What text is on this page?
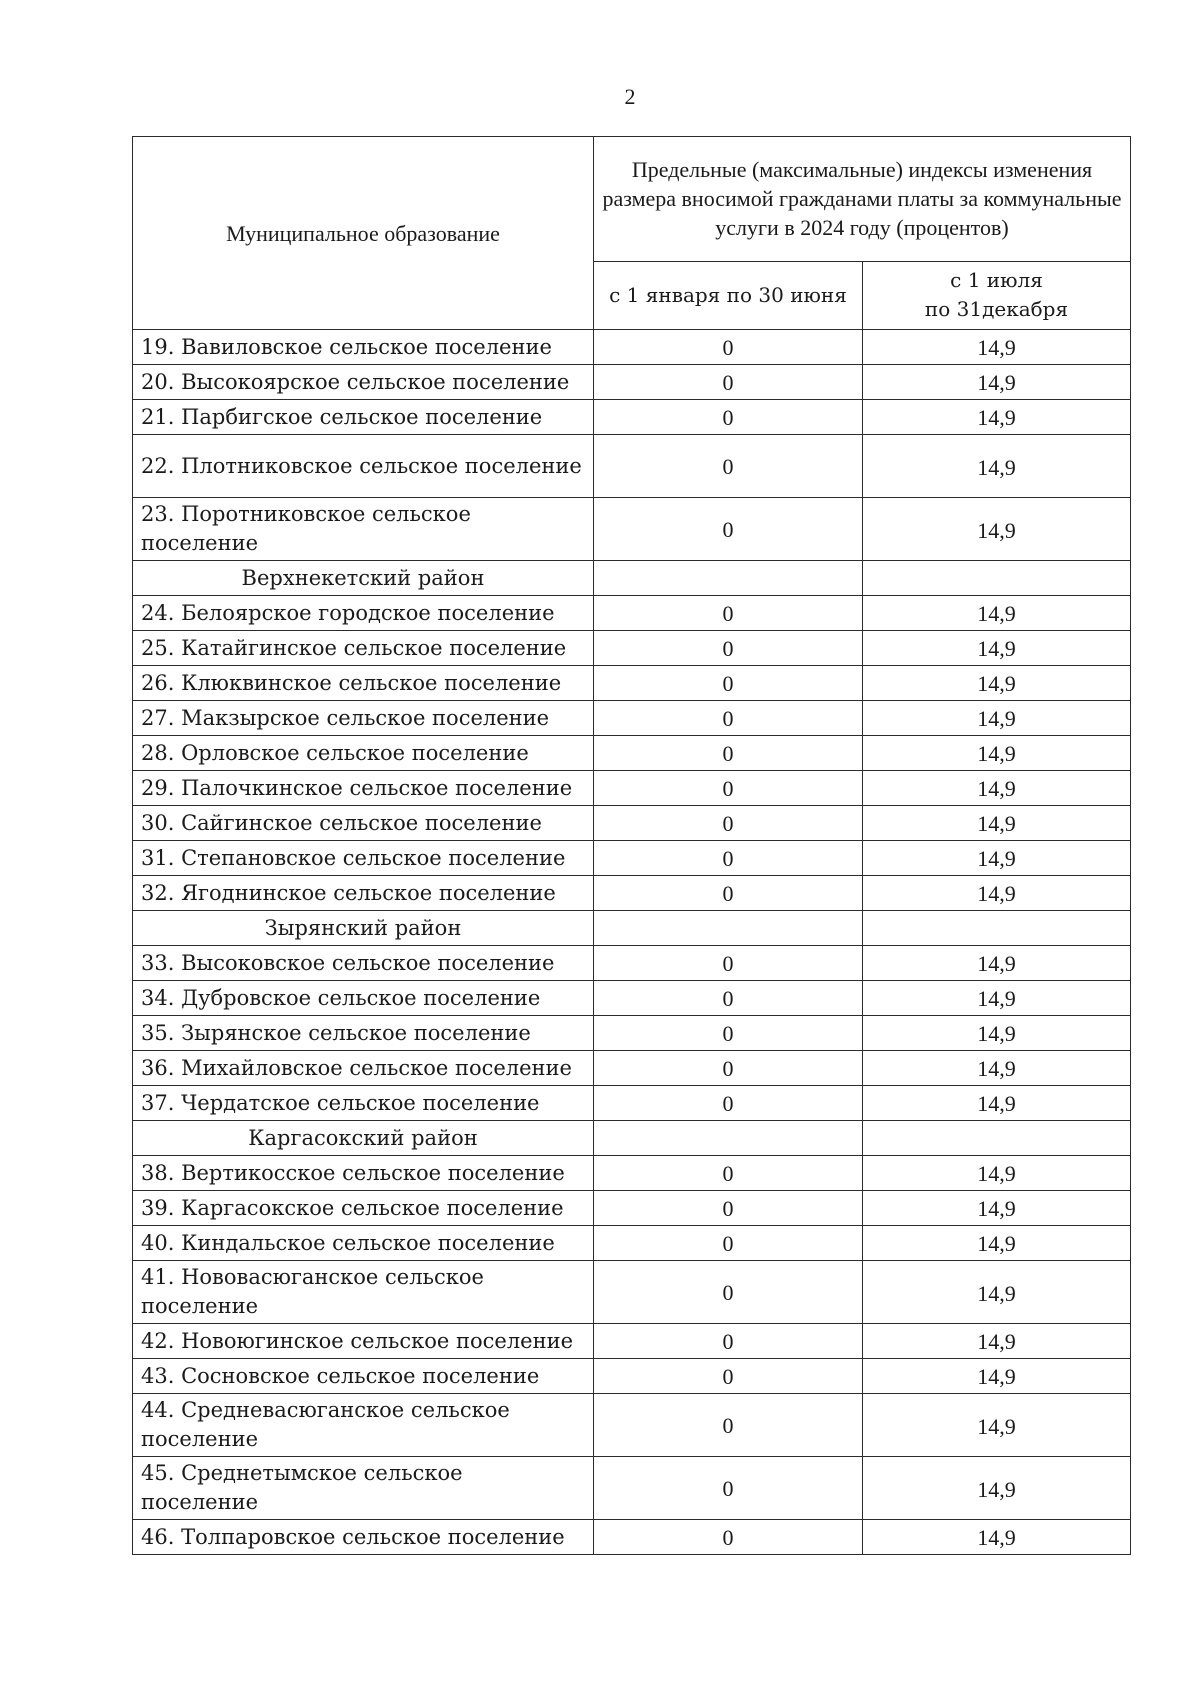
2
Муниципальное образование	Предельные (максимальные) индексы изменения размера вносимой гражданами платы за коммунальные услуги в 2024 году (процентов)	
	с 1 января по 30 июня	с 1 июля
по 31декабря
19. Вавиловское сельское поселение	0	14,9
20. Высокоярское сельское поселение	0	14,9
21. Парбигское сельское поселение	0	14,9
22. Плотниковское сельское поселение	0	14,9
23. Поротниковское сельское поселение	0	14,9
Верхнекетский район		
24. Белоярское городское поселение	0	14,9
25. Катайгинское сельское поселение	0	14,9
26. Клюквинское сельское поселение	0	14,9
27. Макзырское сельское поселение	0	14,9
28. Орловское сельское поселение	0	14,9
29. Палочкинское сельское поселение	0	14,9
30. Сайгинское сельское поселение	0	14,9
31. Степановское сельское поселение	0	14,9
32. Ягоднинское сельское поселение	0	14,9
Зырянский район		
33. Высоковское сельское поселение	0	14,9
34. Дубровское сельское поселение	0	14,9
35. Зырянское сельское поселение	0	14,9
36. Михайловское сельское поселение	0	14,9
37. Чердатское сельское поселение	0	14,9
Каргасокский район		
38. Вертикосское сельское поселение	0	14,9
39. Каргасокское сельское поселение	0	14,9
40. Киндальское сельское поселение	0	14,9
41. Нововасюганское сельское поселение	0	14,9
42. Новоюгинское сельское поселение	0	14,9
43. Сосновское сельское поселение	0	14,9
44. Средневасюганское сельское поселение	0	14,9
45. Среднетымское сельское поселение	0	14,9
46. Толпаровское сельское поселение	0	14,9
